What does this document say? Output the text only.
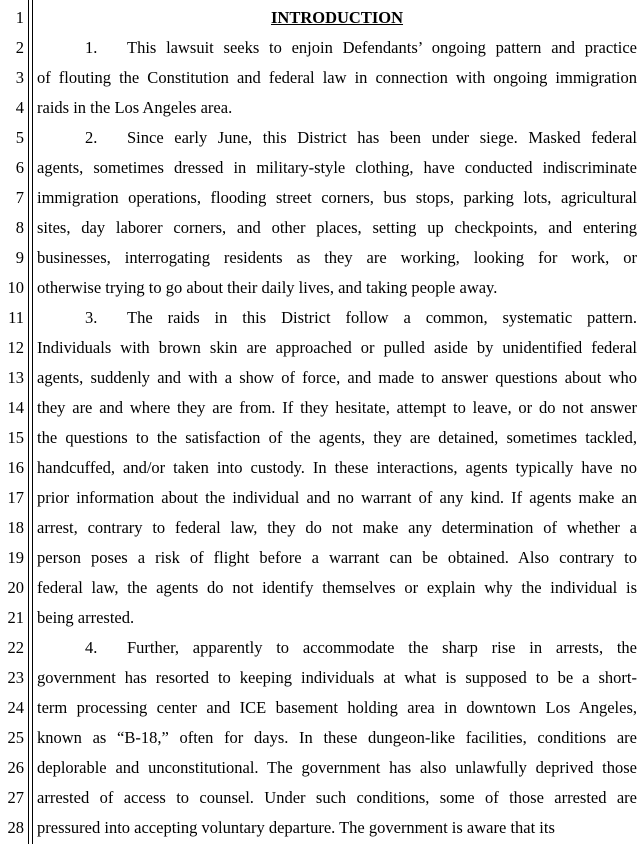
1	INTRODUCTION
2	1. This lawsuit seeks to enjoin Defendants’ ongoing pattern and practice
3 of flouting the Constitution and federal law in connection with ongoing immigration
4 raids in the Los Angeles area.
5	2. Since early June, this District has been under siege. Masked federal
6 agents, sometimes dressed in military-style clothing, have conducted indiscriminate
7 immigration operations, flooding street corners, bus stops, parking lots, agricultural
8 sites, day laborer corners, and other places, setting up checkpoints, and entering
9 businesses, interrogating residents as they are working, looking for work, or
10 otherwise trying to go about their daily lives, and taking people away.
11	3. The raids in this District follow a common, systematic pattern.
12 Individuals with brown skin are approached or pulled aside by unidentified federal
13 agents, suddenly and with a show of force, and made to answer questions about who
14 they are and where they are from. If they hesitate, attempt to leave, or do not answer
15 the questions to the satisfaction of the agents, they are detained, sometimes tackled,
16 handcuffed, and/or taken into custody. In these interactions, agents typically have no
17 prior information about the individual and no warrant of any kind. If agents make an
18 arrest, contrary to federal law, they do not make any determination of whether a
19 person poses a risk of flight before a warrant can be obtained. Also contrary to
20 federal law, the agents do not identify themselves or explain why the individual is
21 being arrested.
22	4. Further, apparently to accommodate the sharp rise in arrests, the
23 government has resorted to keeping individuals at what is supposed to be a short-
24 term processing center and ICE basement holding area in downtown Los Angeles,
25 known as “B-18,” often for days. In these dungeon-like facilities, conditions are
26 deplorable and unconstitutional. The government has also unlawfully deprived those
27 arrested of access to counsel. Under such conditions, some of those arrested are
28 pressured into accepting voluntary departure. The government is aware that its
